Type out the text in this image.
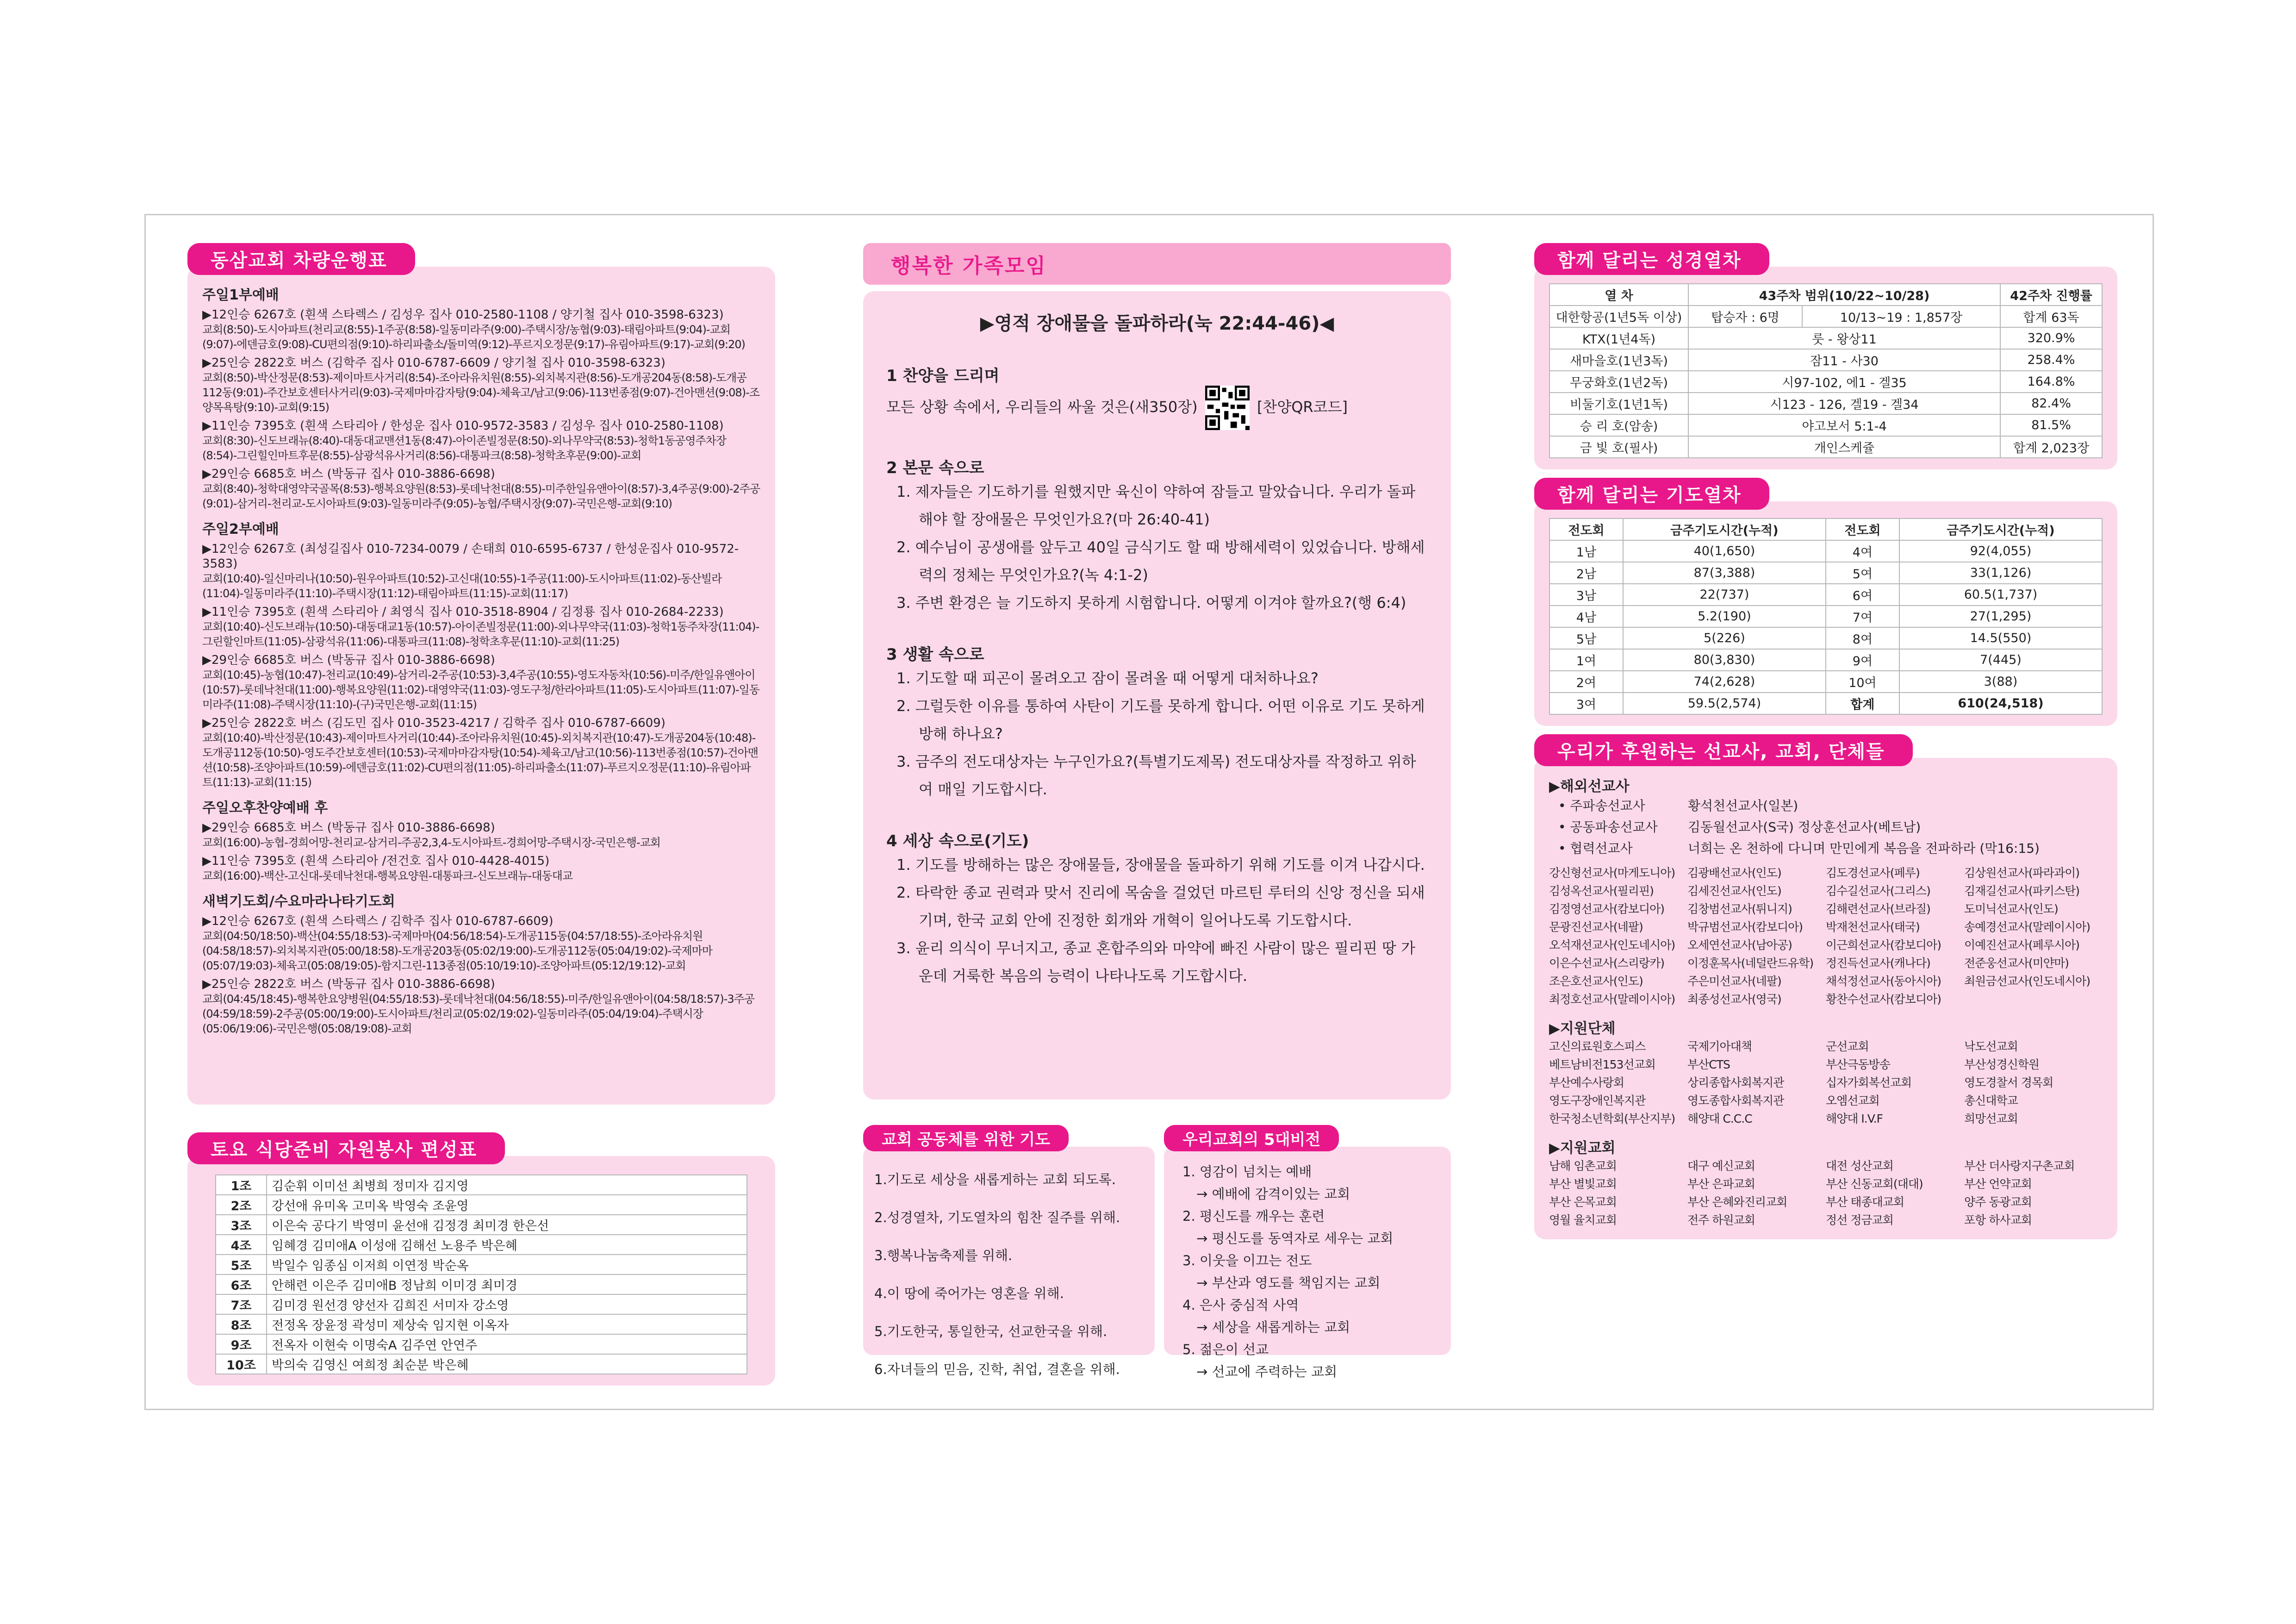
동삼교회 차량운행표
주일1부예배
▶12인승 6267호 (흰색 스타렉스 / 김성우 집사 010-2580-1108 / 양기철 집사 010-3598-6323)
교회(8:50)-도시아파트(천리교(8:55)-1주공(8:58)-일동미라주(9:00)-주택시장/농협(9:03)-태림아파트(9:04)-교회(9:07)-에덴금호(9:08)-CU편의점(9:10)-하리파출소/돌미역(9:12)-푸르지오정문(9:17)-유림아파트(9:17)-교회(9:20)
▶25인승 2822호 버스 (김학주 집사 010-6787-6609 / 양기철 집사 010-3598-6323)
교회(8:50)-박산정문(8:53)-제이마트사거리(8:54)-조아라유치원(8:55)-외치복지관(8:56)-도개공204동(8:58)-도개공112동(9:01)-주간보호센터사거리(9:03)-국제마마감자탕(9:04)-체육고/남고(9:06)-113번종점(9:07)-건아맨션(9:08)-조양목욕탕(9:10)-교회(9:15)
▶11인승 7395호 (흰색 스타리아 / 한성운 집사 010-9572-3583 / 김성우 집사 010-2580-1108)
교회(8:30)-신도브래뉴(8:40)-대동대교맨션1동(8:47)-아이존빌정문(8:50)-외나무약국(8:53)-청학1동공영주차장(8:54)-그린힐인마트후문(8:55)-삼광석유사거리(8:56)-대통파크(8:58)-청학초후문(9:00)-교회
▶29인승 6685호 버스 (박동규 집사 010-3886-6698)
교회(8:40)-청학대영약국골목(8:53)-행복요양원(8:53)-롯데낙천대(8:55)-미주한일유앤아이(8:57)-3,4주공(9:00)-2주공(9:01)-삼거리-천리교-도시아파트(9:03)-일동미라주(9:05)-농협/주택시장(9:07)-국민은행-교회(9:10)
주일2부예배
▶12인승 6267호 (최성길집사 010-7234-0079 / 손태희 010-6595-6737 / 한성운집사 010-9572-3583)
교회(10:40)-일신마리나(10:50)-원우아파트(10:52)-고신대(10:55)-1주공(11:00)-도시아파트(11:02)-동산빌라(11:04)-일동미라주(11:10)-주택시장(11:12)-태림아파트(11:15)-교회(11:17)
▶11인승 7395호 (흰색 스타리아 / 최영식 집사 010-3518-8904 / 김정룡 집사 010-2684-2233)
교회(10:40)-신도브래뉴(10:50)-대동대교1동(10:57)-아이존빌정문(11:00)-외나무약국(11:03)-청학1동주차장(11:04)-그린할인마트(11:05)-삼광석유(11:06)-대통파크(11:08)-청학초후문(11:10)-교회(11:25)
▶29인승 6685호 버스 (박동규 집사 010-3886-6698)
교회(10:45)-농협(10:47)-천리교(10:49)-삼거리-2주공(10:53)-3,4주공(10:55)-영도자동차(10:56)-미주/한일유앤아이(10:57)-롯데낙천대(11:00)-행복요양원(11:02)-대영약국(11:03)-영도구청/한라아파트(11:05)-도시아파트(11:07)-일동미라주(11:08)-주택시장(11:10)-(구)국민은행-교회(11:15)
▶25인승 2822호 버스 (김도민 집사 010-3523-4217 / 김학주 집사 010-6787-6609)
교회(10:40)-박산정문(10:43)-제이마트사거리(10:44)-조아라유치원(10:45)-외치복지관(10:47)-도개공204동(10:48)-도개공112동(10:50)-영도주간보호센터(10:53)-국제마마감자탕(10:54)-체육고/남고(10:56)-113번종점(10:57)-건아맨션(10:58)-조양아파트(10:59)-에덴금호(11:02)-CU편의점(11:05)-하리파출소(11:07)-푸르지오정문(11:10)-유림아파트(11:13)-교회(11:15)
주일오후찬양예배 후
▶29인승 6685호 버스 (박동규 집사 010-3886-6698)
교회(16:00)-농협-경희어망-천리교-삼거리-주공2,3,4-도시아파트-경희어망-주택시장-국민은행-교회
▶11인승 7395호 (흰색 스타리아 /전건호 집사 010-4428-4015)
교회(16:00)-백산-고신대-롯데낙천대-행복요양원-대통파크-신도브래뉴-대동대교
새벽기도회/수요마라나타기도회
▶12인승 6267호 (흰색 스타렉스 / 김학주 집사 010-6787-6609)
교회(04:50/18:50)-백산(04:55/18:53)-국제마마(04:56/18:54)-도개공115동(04:57/18:55)-조아라유치원(04:58/18:57)-외치복지관(05:00/18:58)-도개공203동(05:02/19:00)-도개공112동(05:04/19:02)-국제마마(05:07/19:03)-체육고(05:08/19:05)-함지그린-113종점(05:10/19:10)-조양아파트(05:12/19:12)-교회
▶25인승 2822호 버스 (박동규 집사 010-3886-6698)
교회(04:45/18:45)-행복한요양병원(04:55/18:53)-롯데낙천대(04:56/18:55)-미주/한일유앤아이(04:58/18:57)-3주공(04:59/18:59)-2주공(05:00/19:00)-도시아파트/천리교(05:02/19:02)-일동미라주(05:04/19:04)-주택시장(05:06/19:06)-국민은행(05:08/19:08)-교회
토요 식당준비 자원봉사 편성표
1조	김순휘 이미선 최병희 정미자 김지영
2조	강선애 유미옥 고미옥 박영숙 조윤영
3조	이은숙 공다기 박영미 윤선애 김정경 최미경 한은선
4조	임혜경 김미애A 이성애 김해선 노용주 박은혜
5조	박일수 임종심 이저희 이연정 박순옥
6조	안해련 이은주 김미애B 정남희 이미경 최미경
7조	김미경 원선경 양선자 김희진 서미자 강소영
8조	전정옥 장윤정 곽성미 제상숙 임지현 이옥자
9조	전옥자 이현숙 이명숙A 김주연 안연주
10조	박의숙 김영신 여희정 최순분 박은혜
행복한 가족모임
▶영적 장애물을 돌파하라(눅 22:44-46)◀
1 찬양을 드리며
모든 상황 속에서, 우리들의 싸울 것은(새350장)	[찬양QR코드]
2 본문 속으로
1. 제자들은 기도하기를 원했지만 육신이 약하여 잠들고 말았습니다. 우리가 돌파해야 할 장애물은 무엇인가요?(마 26:40-41)
2. 예수님이 공생애를 앞두고 40일 금식기도 할 때 방해세력이 있었습니다. 방해세력의 정체는 무엇인가요?(녹 4:1-2)
3. 주변 환경은 늘 기도하지 못하게 시험합니다. 어떻게 이겨야 할까요?(행 6:4)
3 생활 속으로
1. 기도할 때 피곤이 몰려오고 잠이 몰려올 때 어떻게 대처하나요?
2. 그럴듯한 이유를 통하여 사탄이 기도를 못하게 합니다. 어떤 이유로 기도 못하게 방해 하나요?
3. 금주의 전도대상자는 누구인가요?(특별기도제목) 전도대상자를 작정하고 위하여 매일 기도합시다.
4 세상 속으로(기도)
1. 기도를 방해하는 많은 장애물들, 장애물을 돌파하기 위해 기도를 이겨 나갑시다.
2. 타락한 종교 권력과 맞서 진리에 목숨을 걸었던 마르틴 루터의 신앙 정신을 되새기며, 한국 교회 안에 진정한 회개와 개혁이 일어나도록 기도합시다.
3. 윤리 의식이 무너지고, 종교 혼합주의와 마약에 빠진 사람이 많은 필리핀 땅 가운데 거룩한 복음의 능력이 나타나도록 기도합시다.
교회 공동체를 위한 기도
1.기도로 세상을 새롭게하는 교회 되도록.
2.성경열차, 기도열차의 힘찬 질주를 위해.
3.행복나눔축제를 위해.
4.이 땅에 죽어가는 영혼을 위해.
5.기도한국, 통일한국, 선교한국을 위해.
6.자녀들의 믿음, 진학, 취업, 결혼을 위해.
우리교회의 5대비전
1. 영감이 넘치는 예배
→ 예배에 감격이있는 교회
2. 평신도를 깨우는 훈련
→ 평신도를 동역자로 세우는 교회
3. 이웃을 이끄는 전도
→ 부산과 영도를 책임지는 교회
4. 은사 중심적 사역
→ 세상을 새롭게하는 교회
5. 젊은이 선교
→ 선교에 주력하는 교회
함께 달리는 성경열차
열 차	43주차 범위(10/22~10/28)		42주차 진행률
대한항공(1년5독 이상)	탑승자 : 6명	10/13~19 : 1,857장	합계 63독
KTX(1년4독)	룻 - 왕상11		320.9%
새마을호(1년3독)	잠11 - 사30		258.4%
무궁화호(1년2독)	시97-102, 에1 - 겔35		164.8%
비둘기호(1년1독)	시123 - 126, 겔19 - 겔34		82.4%
승 리 호(암송)	야고보서 5:1-4		81.5%
금 빛 호(필사)	개인스케쥴		합계 2,023장
함께 달리는 기도열차
전도회	금주기도시간(누적)	전도회	금주기도시간(누적)
1남	40(1,650)	4여	92(4,055)
2남	87(3,388)	5여	33(1,126)
3남	22(737)	6여	60.5(1,737)
4남	5.2(190)	7여	27(1,295)
5남	5(226)	8여	14.5(550)
1여	80(3,830)	9여	7(445)
2여	74(2,628)	10여	3(88)
3여	59.5(2,574)	합계	610(24,518)
우리가 후원하는 선교사, 교회, 단체들
▶해외선교사
• 주파송선교사	황석천선교사(일본)
• 공동파송선교사	김동월선교사(S국) 정상훈선교사(베트남)
• 협력선교사	너희는 온 천하에 다니며 만민에게 복음을 전파하라 (막16:15)
강신형선교사(마게도니아)	김광배선교사(인도)	김도경선교사(페루)	김상원선교사(파라과이)
김성옥선교사(필리핀)	김세진선교사(인도)	김수길선교사(그리스)	김재길선교사(파키스탄)
김정영선교사(캄보디아)	김창범선교사(튀니지)	김해련선교사(브라질)	도미닉선교사(인도)
문광진선교사(네팔)	박규범선교사(캄보디아)	박재천선교사(태국)	송예경선교사(말레이시아)
오석재선교사(인도네시아)	오세연선교사(남아공)	이근희선교사(캄보디아)	이예진선교사(페루시아)
이은수선교사(스리랑카)	이정훈목사(네덜란드유학)	정진득선교사(캐나다)	전준웅선교사(미얀마)
조은호선교사(인도)	주은미선교사(네팔)	채석정선교사(동아시아)	최원금선교사(인도네시아)
최정호선교사(말레이시아)	최종성선교사(영국)	황찬수선교사(캄보디아)
▶지원단체
고신의료원호스피스	국제기아대책	군선교회	낙도선교회
베트남비전153선교회	부산CTS	부산극동방송	부산성경신학원
부산예수사랑회	상리종합사회복지관	십자가회복선교회	영도경찰서 경목회
영도구장애인복지관	영도종합사회복지관	오엠선교회	총신대학교
한국청소년학회(부산지부)	해양대 C.C.C	해양대 I.V.F	희망선교회
▶지원교회
남해 임촌교회	대구 예신교회	대전 성산교회	부산 더사랑지구촌교회
부산 별빛교회	부산 은파교회	부산 신동교회(대대)	부산 언약교회
부산 은목교회	부산 은혜와진리교회	부산 태종대교회	양주 동광교회
영월 율치교회	전주 하원교회	정선 정금교회	포항 하사교회
